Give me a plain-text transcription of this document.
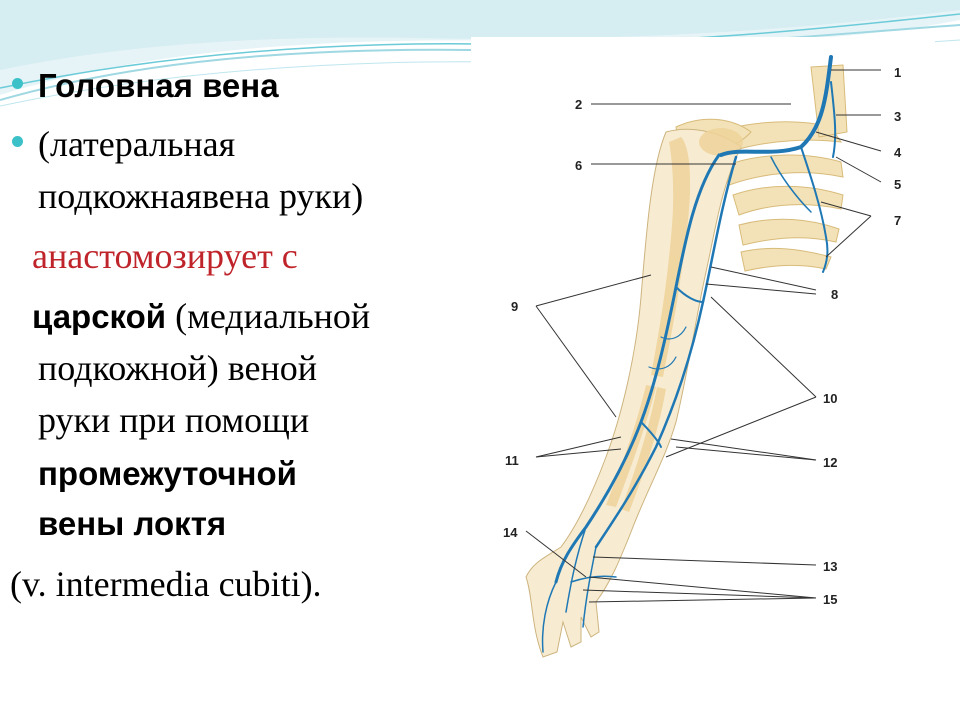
Головная вена
(латеральная
подкожнаявена руки)
анастомозирует с
царской (медиальной
подкожной) веной
руки при помощи
промежуточной
вены локтя
(v. intermedia cubiti).
1
2
3
4
5
6
7
8
9
10
11	12
13
14
15
